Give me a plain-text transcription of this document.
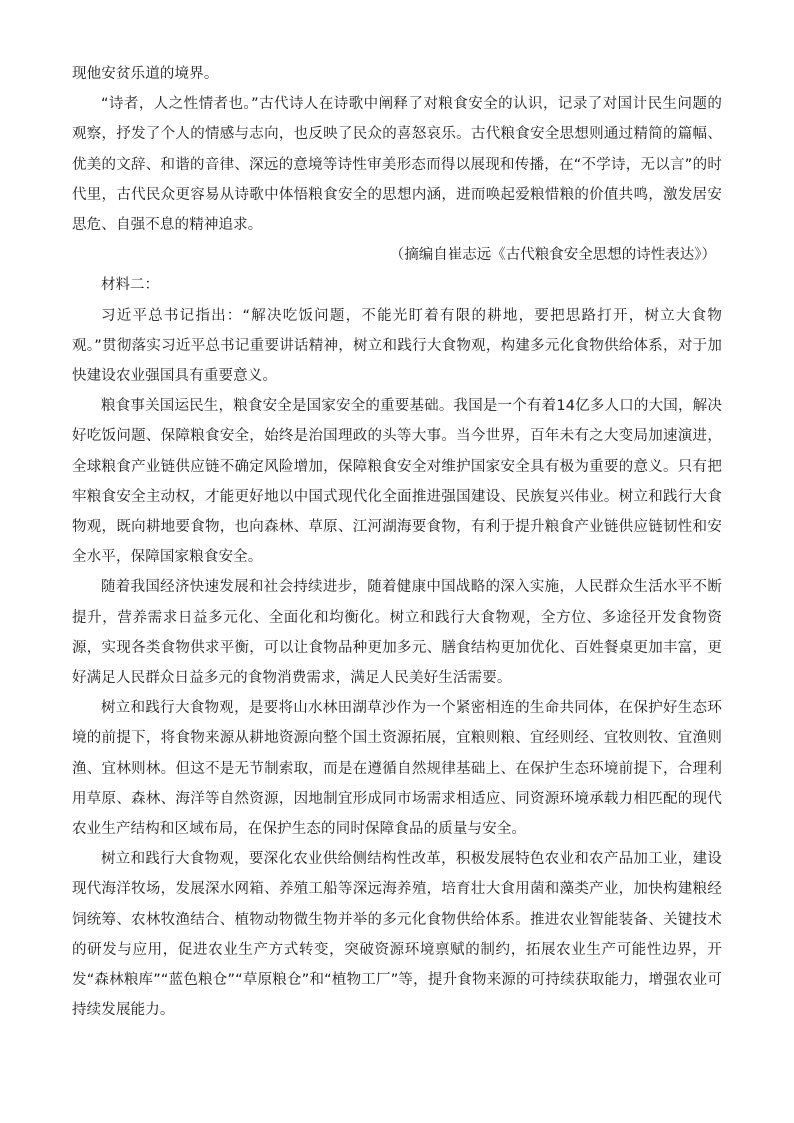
现他安贫乐道的境界。

“诗者，人之性情者也。”古代诗人在诗歌中阐释了对粮食安全的认识，记录了对国计民生问题的观察，抒发了个人的情感与志向，也反映了民众的喜怒哀乐。古代粮食安全思想则通过精简的篇幅、优美的文辞、和谐的音律、深远的意境等诗性审美形态而得以展现和传播，在“不学诗，无以言”的时代里，古代民众更容易从诗歌中体悟粮食安全的思想内涵，进而唤起爱粮惜粮的价值共鸣，激发居安思危、自强不息的精神追求。

（摘编自崔志远《古代粮食安全思想的诗性表达》）

材料二：

习近平总书记指出：“解决吃饭问题，不能光盯着有限的耕地，要把思路打开，树立大食物观。”贯彻落实习近平总书记重要讲话精神，树立和践行大食物观，构建多元化食物供给体系，对于加快建设农业强国具有重要意义。

粮食事关国运民生，粮食安全是国家安全的重要基础。我国是一个有着14亿多人口的大国，解决好吃饭问题、保障粮食安全，始终是治国理政的头等大事。当今世界，百年未有之大变局加速演进，全球粮食产业链供应链不确定风险增加，保障粮食安全对维护国家安全具有极为重要的意义。只有把牢粮食安全主动权，才能更好地以中国式现代化全面推进强国建设、民族复兴伟业。树立和践行大食物观，既向耕地要食物，也向森林、草原、江河湖海要食物，有利于提升粮食产业链供应链韧性和安全水平，保障国家粮食安全。

随着我国经济快速发展和社会持续进步，随着健康中国战略的深入实施，人民群众生活水平不断提升，营养需求日益多元化、全面化和均衡化。树立和践行大食物观，全方位、多途径开发食物资源，实现各类食物供求平衡，可以让食物品种更加多元、膳食结构更加优化、百姓餐桌更加丰富，更好满足人民群众日益多元的食物消费需求，满足人民美好生活需要。

树立和践行大食物观，是要将山水林田湖草沙作为一个紧密相连的生命共同体，在保护好生态环境的前提下，将食物来源从耕地资源向整个国土资源拓展，宜粮则粮、宜经则经、宜牧则牧、宜渔则渔、宜林则林。但这不是无节制索取，而是在遵循自然规律基础上、在保护生态环境前提下，合理利用草原、森林、海洋等自然资源，因地制宜形成同市场需求相适应、同资源环境承载力相匹配的现代农业生产结构和区域布局，在保护生态的同时保障食品的质量与安全。

树立和践行大食物观，要深化农业供给侧结构性改革，积极发展特色农业和农产品加工业，建设现代海洋牧场，发展深水网箱、养殖工船等深远海养殖，培育壮大食用菌和藻类产业，加快构建粮经饲统筹、农林牧渔结合、植物动物微生物并举的多元化食物供给体系。推进农业智能装备、关键技术的研发与应用，促进农业生产方式转变，突破资源环境禀赋的制约，拓展农业生产可能性边界，开发“森林粮库”“蓝色粮仓”“草原粮仓”和“植物工厂”等，提升食物来源的可持续获取能力，增强农业可持续发展能力。
